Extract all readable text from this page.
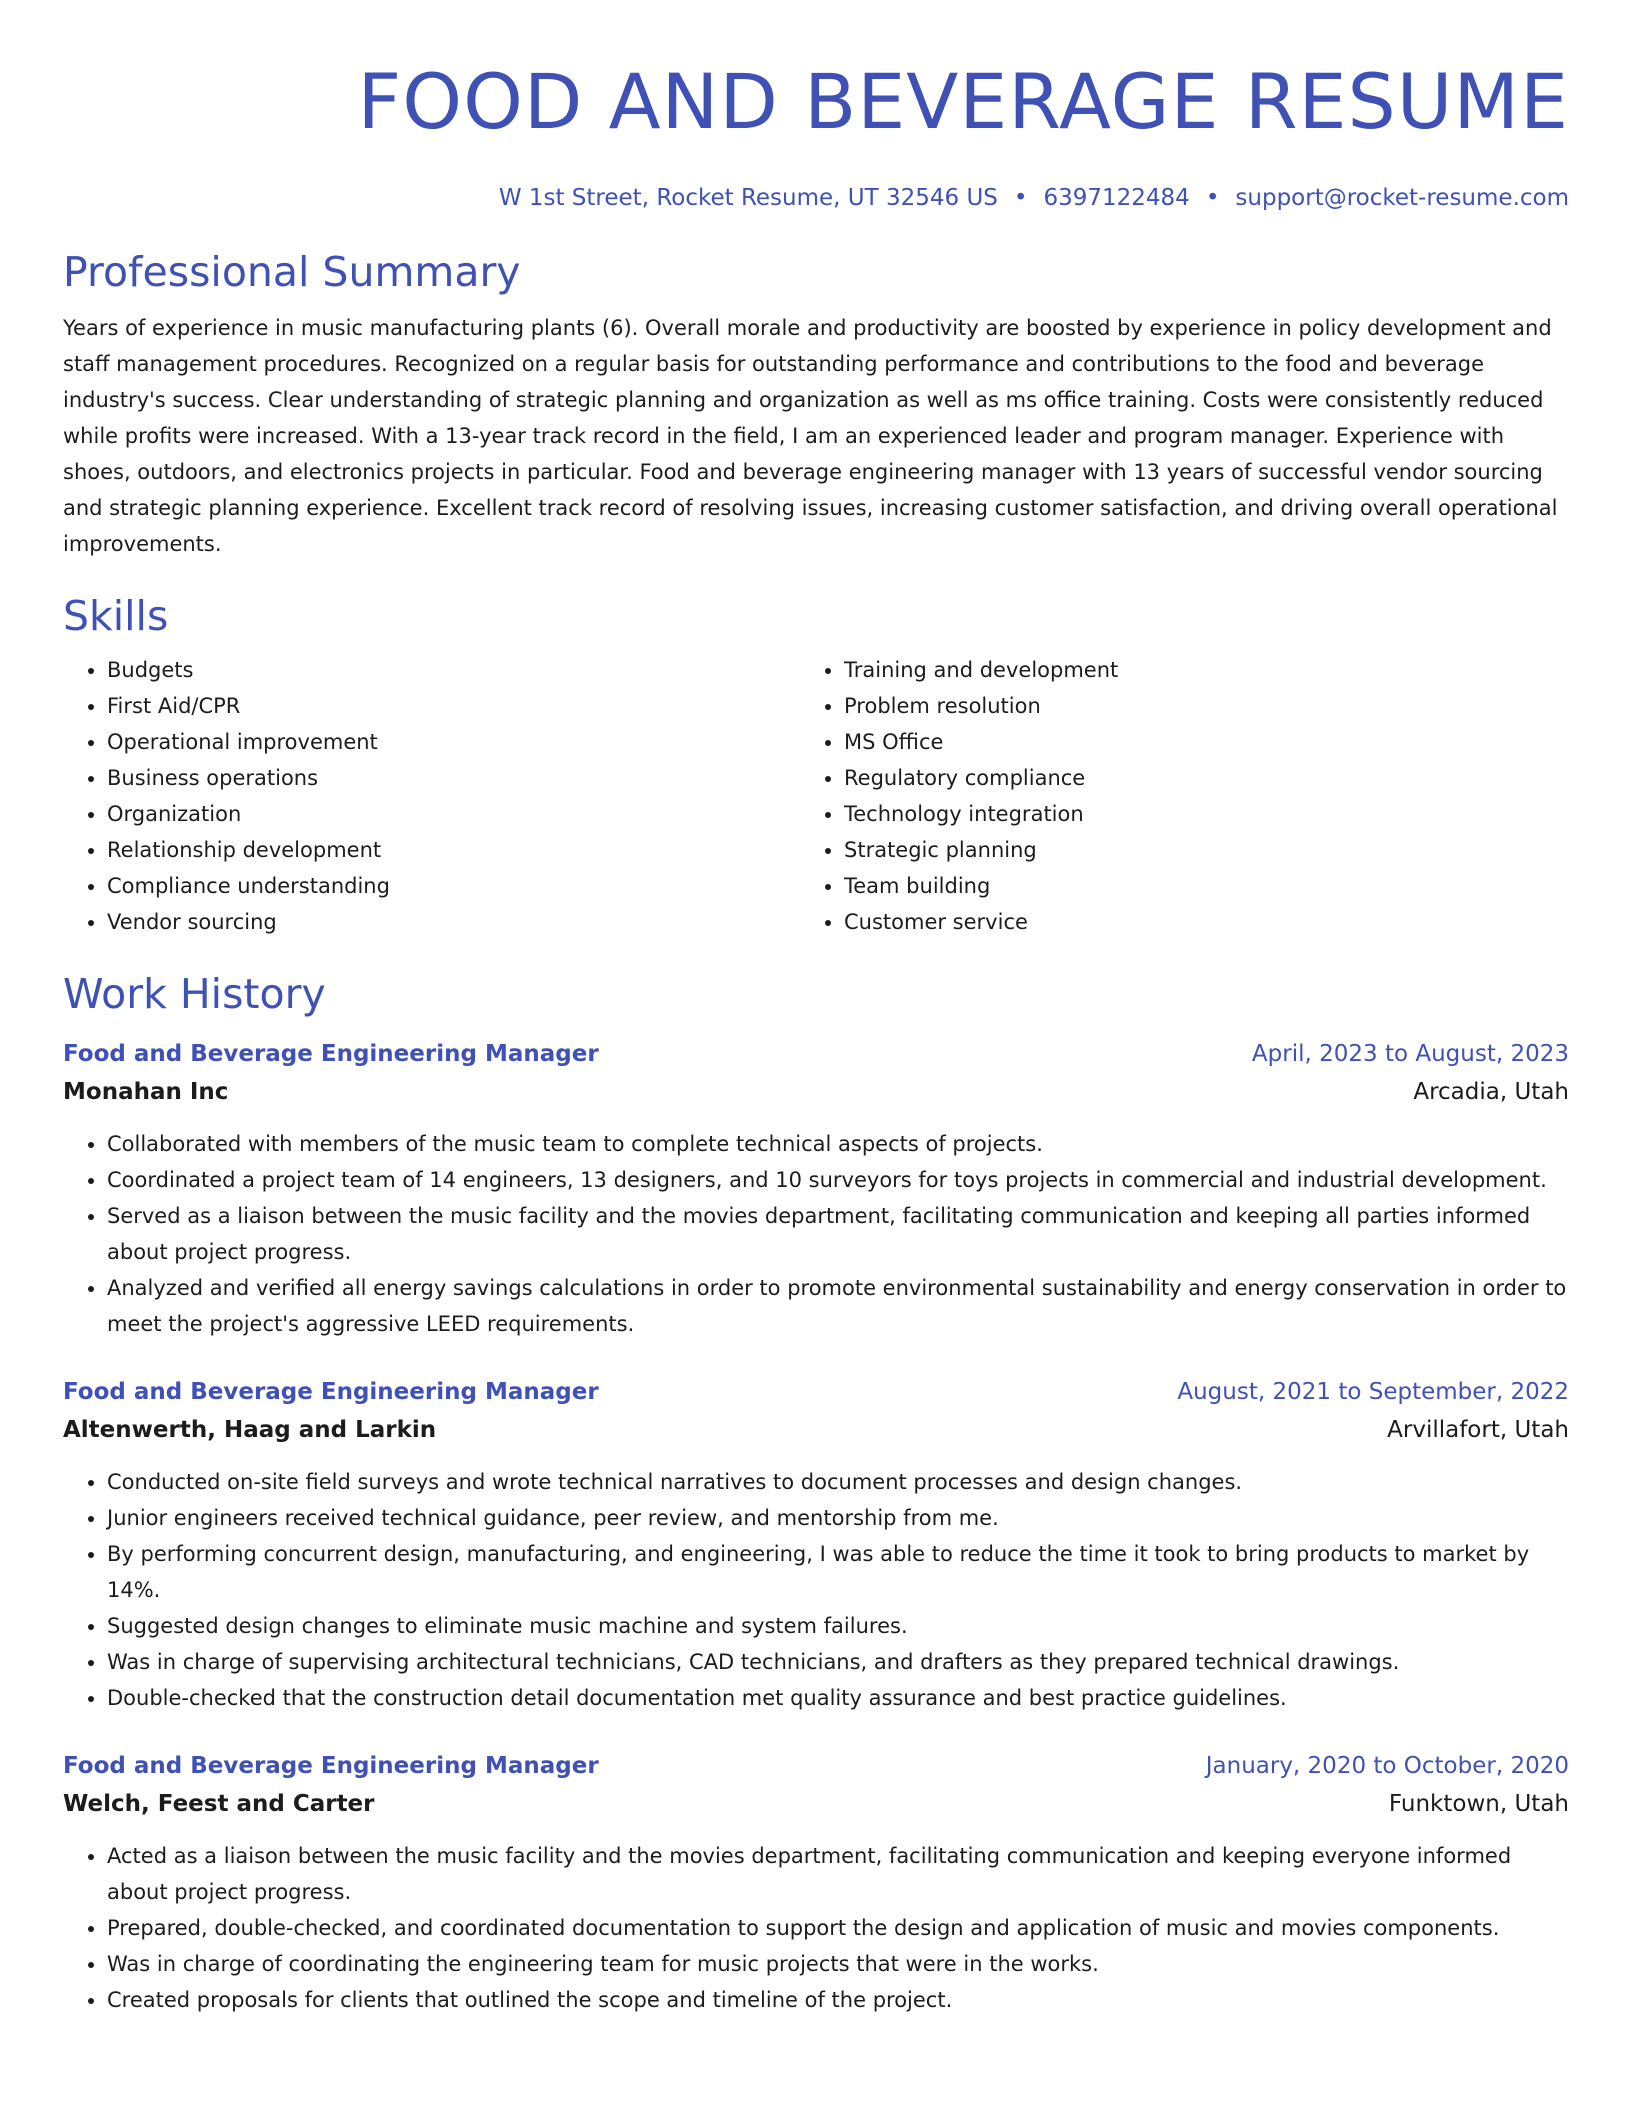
FOOD AND BEVERAGE RESUME
W 1st Street, Rocket Resume, UT 32546 US • 6397122484 • support@rocket-resume.com
Professional Summary

Years of experience in music manufacturing plants (6). Overall morale and productivity are boosted by experience in policy development and staff management procedures. Recognized on a regular basis for outstanding performance and contributions to the food and beverage industry's success. Clear understanding of strategic planning and organization as well as ms office training. Costs were consistently reduced while profits were increased. With a 13-year track record in the field, I am an experienced leader and program manager. Experience with shoes, outdoors, and electronics projects in particular. Food and beverage engineering manager with 13 years of successful vendor sourcing and strategic planning experience. Excellent track record of resolving issues, increasing customer satisfaction, and driving overall operational improvements.

Skills
• Budgets
• First Aid/CPR
• Operational improvement
• Business operations
• Organization
• Relationship development
• Compliance understanding
• Vendor sourcing
• Training and development
• Problem resolution
• MS Office
• Regulatory compliance
• Technology integration
• Strategic planning
• Team building
• Customer service
Work History
Food and Beverage Engineering Manager	April, 2023 to August, 2023
Monahan Inc	Arcadia, Utah
• Collaborated with members of the music team to complete technical aspects of projects.
• Coordinated a project team of 14 engineers, 13 designers, and 10 surveyors for toys projects in commercial and industrial development.
• Served as a liaison between the music facility and the movies department, facilitating communication and keeping all parties informed about project progress.
• Analyzed and verified all energy savings calculations in order to promote environmental sustainability and energy conservation in order to meet the project's aggressive LEED requirements.
Food and Beverage Engineering Manager	August, 2021 to September, 2022
Altenwerth, Haag and Larkin	Arvillafort, Utah
• Conducted on-site field surveys and wrote technical narratives to document processes and design changes.
• Junior engineers received technical guidance, peer review, and mentorship from me.
• By performing concurrent design, manufacturing, and engineering, I was able to reduce the time it took to bring products to market by 14%.
• Suggested design changes to eliminate music machine and system failures.
• Was in charge of supervising architectural technicians, CAD technicians, and drafters as they prepared technical drawings.
• Double-checked that the construction detail documentation met quality assurance and best practice guidelines.
Food and Beverage Engineering Manager	January, 2020 to October, 2020
Welch, Feest and Carter	Funktown, Utah
• Acted as a liaison between the music facility and the movies department, facilitating communication and keeping everyone informed about project progress.
• Prepared, double-checked, and coordinated documentation to support the design and application of music and movies components.
• Was in charge of coordinating the engineering team for music projects that were in the works.
• Created proposals for clients that outlined the scope and timeline of the project.
